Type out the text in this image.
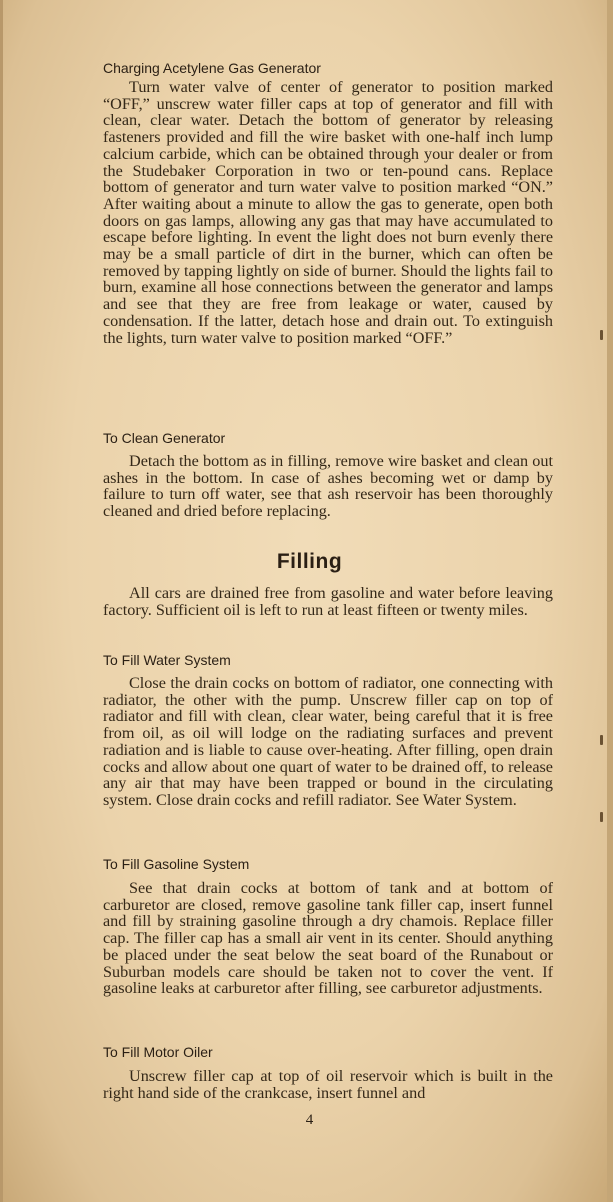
Charging Acetylene Gas Generator

Turn water valve of center of generator to position marked “OFF,” unscrew water filler caps at top of generator and fill with clean, clear water. Detach the bottom of generator by releasing fasteners provided and fill the wire basket with one-half inch lump calcium carbide, which can be obtained through your dealer or from the Studebaker Corporation in two or ten-pound cans. Replace bottom of generator and turn water valve to position marked “ON.” After waiting about a minute to allow the gas to generate, open both doors on gas lamps, allowing any gas that may have accumulated to escape before lighting. In event the light does not burn evenly there may be a small particle of dirt in the burner, which can often be removed by tapping lightly on side of burner. Should the lights fail to burn, examine all hose connections between the generator and lamps and see that they are free from leakage or water, caused by condensation. If the latter, detach hose and drain out. To extinguish the lights, turn water valve to position marked “OFF.”

To Clean Generator

Detach the bottom as in filling, remove wire basket and clean out ashes in the bottom. In case of ashes becoming wet or damp by failure to turn off water, see that ash reservoir has been thoroughly cleaned and dried before replacing.

Filling

All cars are drained free from gasoline and water before leaving factory. Sufficient oil is left to run at least fifteen or twenty miles.

To Fill Water System

Close the drain cocks on bottom of radiator, one connecting with radiator, the other with the pump. Unscrew filler cap on top of radiator and fill with clean, clear water, being careful that it is free from oil, as oil will lodge on the radiating surfaces and prevent radiation and is liable to cause over-heating. After filling, open drain cocks and allow about one quart of water to be drained off, to release any air that may have been trapped or bound in the circulating system. Close drain cocks and refill radiator. See Water System.

To Fill Gasoline System

See that drain cocks at bottom of tank and at bottom of carburetor are closed, remove gasoline tank filler cap, insert funnel and fill by straining gasoline through a dry chamois. Replace filler cap. The filler cap has a small air vent in its center. Should anything be placed under the seat below the seat board of the Runabout or Suburban models care should be taken not to cover the vent. If gasoline leaks at carburetor after filling, see carburetor adjustments.

To Fill Motor Oiler

Unscrew filler cap at top of oil reservoir which is built in the right hand side of the crankcase, insert funnel and

4
